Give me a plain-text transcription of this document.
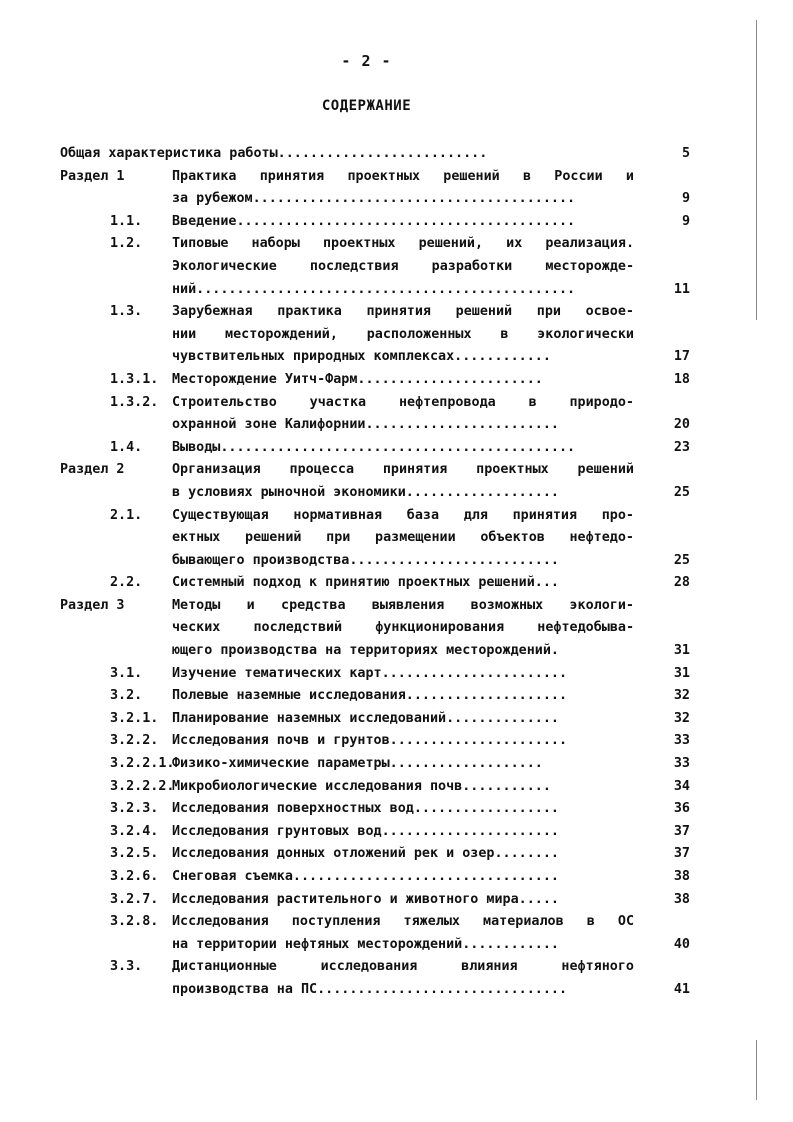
- 2 -
СОДЕРЖАНИЕ
Общая характеристика работы..........................	5
Раздел 1	Практика принятия проектных решений в России и
за рубежом........................................	9
1.1. Введение..........................................	9
1.2. Типовые наборы проектных решений, их реализация.
Экологические последствия разработки месторожде-
ний...............................................	11
1.3. Зарубежная практика принятия решений при освое-
нии месторождений, расположенных в экологически
чувствительных природных комплексах............	17
1.3.1. Месторождение Уитч-Фарм.......................	18
1.3.2. Строительство участка нефтепровода в природо-
охранной зоне Калифорнии........................	20
1.4. Выводы............................................	23
Раздел 2	Организация процесса принятия проектных решений
в условиях рыночной экономики...................	25
2.1. Существующая нормативная база для принятия про-
ектных решений при размещении объектов нефтедо-
бывающего производства..........................	25
2.2. Системный подход к принятию проектных решений...	28
Раздел 3	Методы и средства выявления возможных экологи-
ческих последствий функционирования нефтедобыва-
ющего производства на территориях месторождений.	31
3.1. Изучение тематических карт.......................	31
3.2. Полевые наземные исследования....................	32
3.2.1. Планирование наземных исследований..............	32
3.2.2. Исследования почв и грунтов......................	33
3.2.2.1.
Физико-химические параметры...................	33
3.2.2.2.
Микробиологические исследования почв...........	34
3.2.3. Исследования поверхностных вод..................	36
3.2.4. Исследования грунтовых вод......................	37
3.2.5. Исследования донных отложений рек и озер........	37
3.2.6. Снеговая съемка.................................	38
3.2.7. Исследования растительного и животного мира.....	38
3.2.8. Исследования поступления тяжелых материалов в ОС
на территории нефтяных месторождений............	40
3.3. Дистанционные исследования влияния нефтяного
производства на ПС...............................	41
